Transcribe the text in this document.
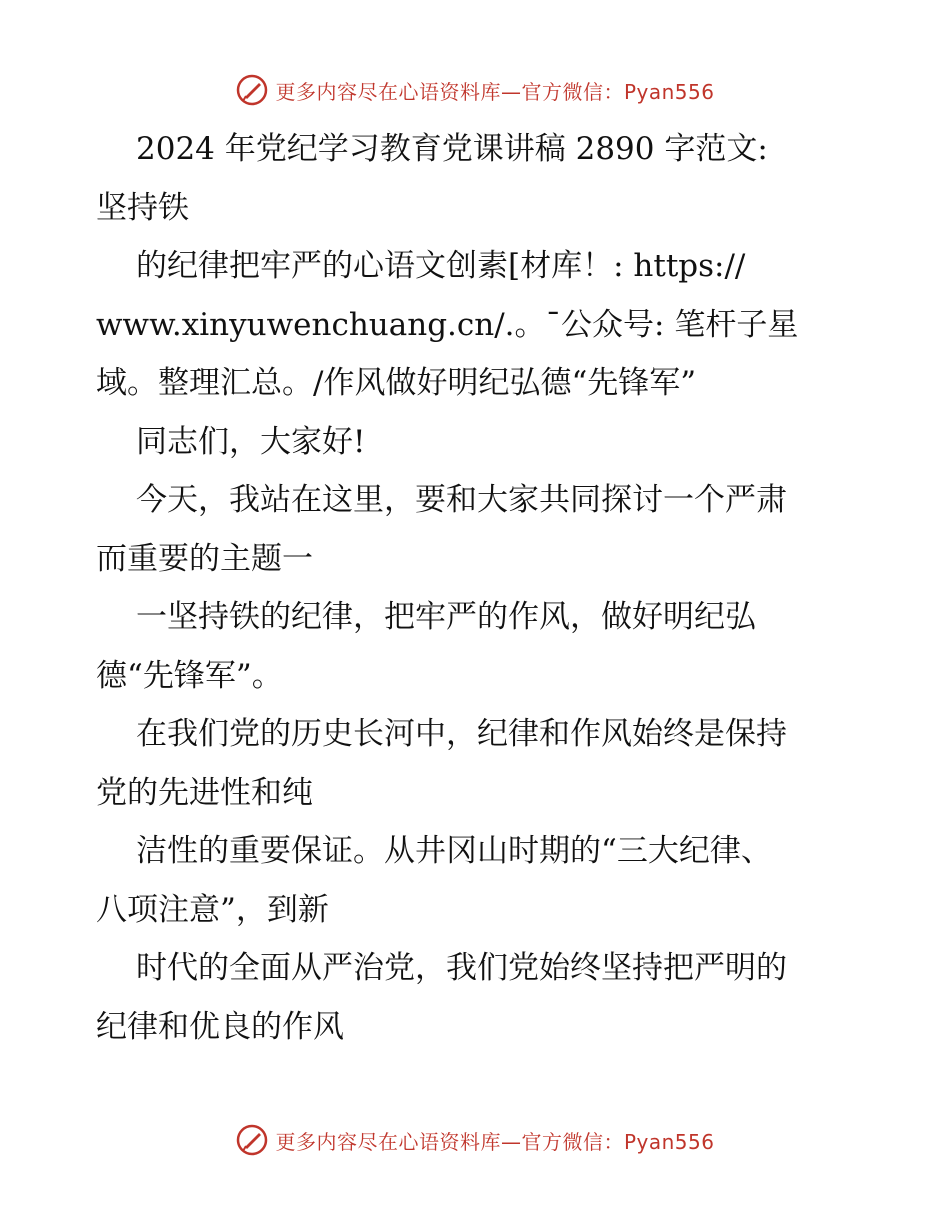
更多内容尽在心语资料库—官方微信：Pyan556
2024 年党纪学习教育党课讲稿 2890 字范文:
坚持铁
的纪律把牢严的心语文创素[材库！: https://
www.xinyuwenchuang.cn/.。¯公众号: 笔杆子星
域。整理汇总。/作风做好明纪弘德“先锋军”
同志们，大家好!
今天，我站在这里，要和大家共同探讨一个严肃
而重要的主题一
一坚持铁的纪律，把牢严的作风，做好明纪弘
德“先锋军”。
在我们党的历史长河中，纪律和作风始终是保持
党的先进性和纯
洁性的重要保证。从井冈山时期的“三大纪律、
八项注意”，到新
时代的全面从严治党，我们党始终坚持把严明的
纪律和优良的作风
更多内容尽在心语资料库—官方微信：Pyan556
